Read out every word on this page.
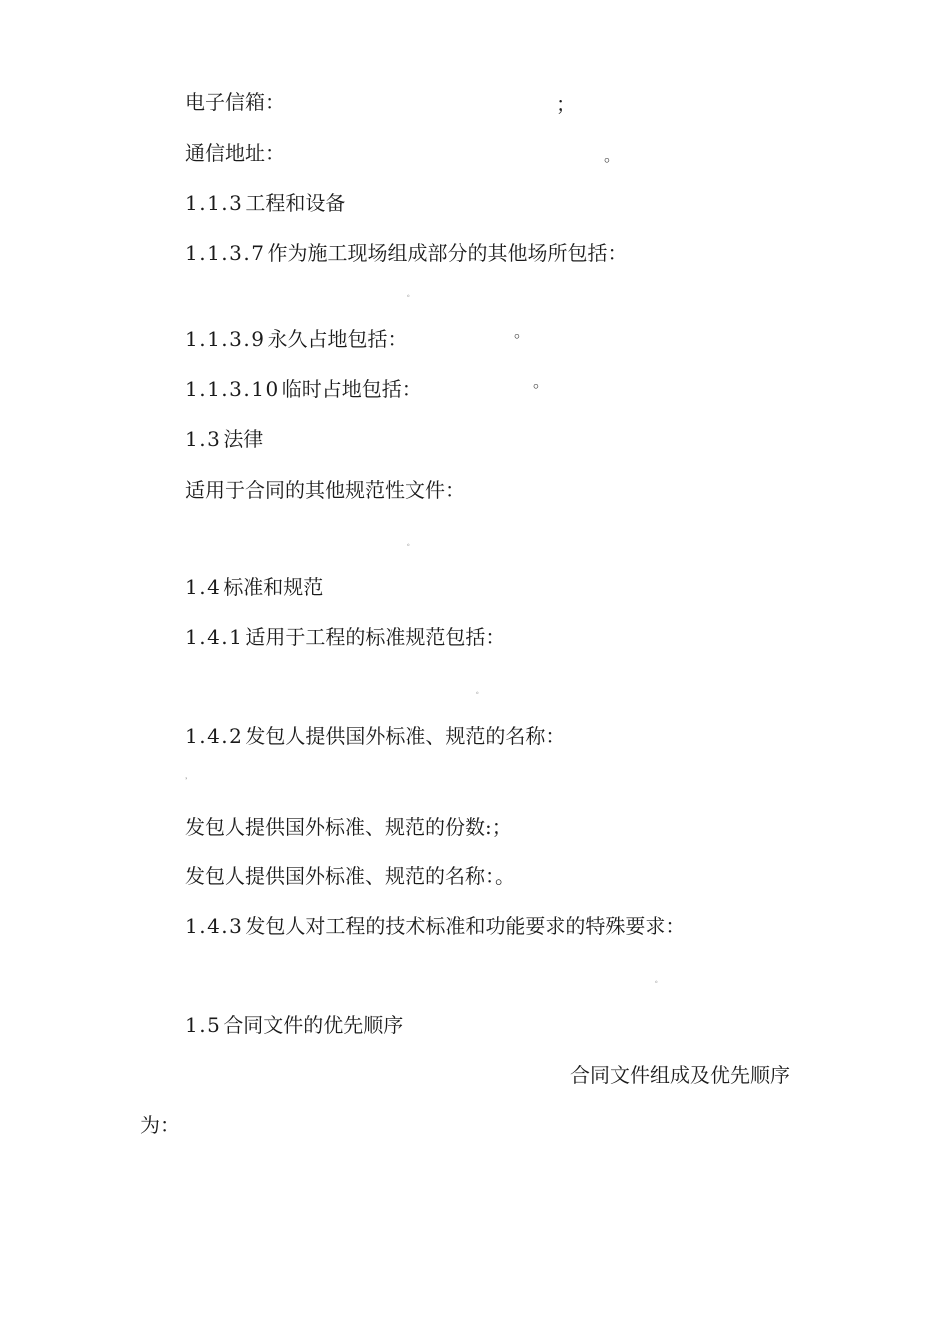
电子信箱：	；
通信地址：	。
1.1.3 工程和设备
1.1.3.7 作为施工现场组成部分的其他场所包括：
。
1.1.3.9 永久占地包括：	。
1.1.3.10 临时占地包括：	。
1.3 法律
适用于合同的其他规范性文件：
。
1.4 标准和规范
1.4.1 适用于工程的标准规范包括：
。
1.4.2 发包人提供国外标准、规范的名称：
，
发包人提供国外标准、规范的份数:；
发包人提供国外标准、规范的名称：。
1.4.3 发包人对工程的技术标准和功能要求的特殊要求：
。
1.5 合同文件的优先顺序
合同文件组成及优先顺序
为：
